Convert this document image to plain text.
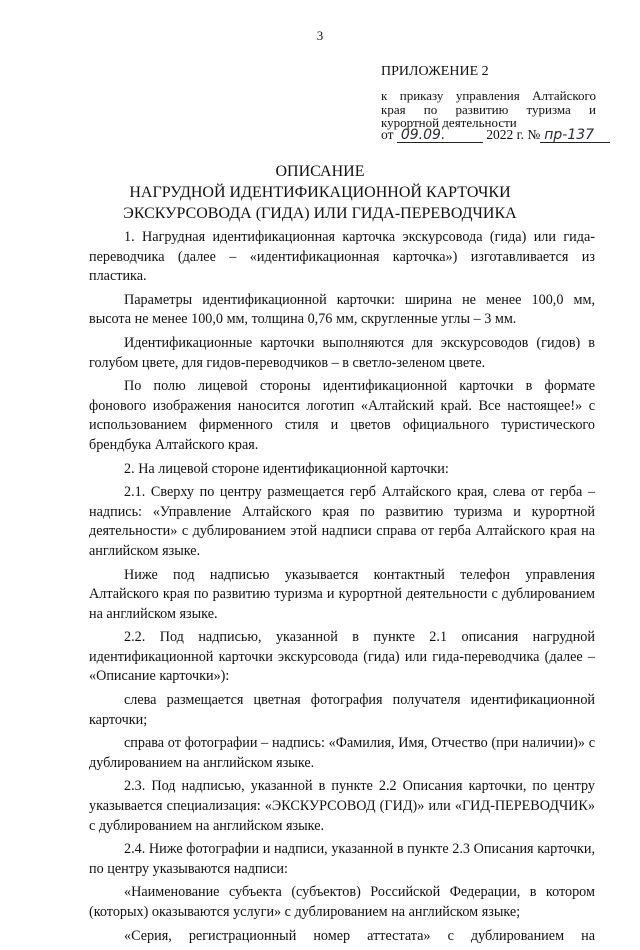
3
ПРИЛОЖЕНИЕ 2
к приказу управления Алтайского
края по развитию туризма и
курортной деятельности
от 09.09.	2022 г. № пр-137
ОПИСАНИЕ
НАГРУДНОЙ ИДЕНТИФИКАЦИОННОЙ КАРТОЧКИ
ЭКСКУРСОВОДА (ГИДА) ИЛИ ГИДА-ПЕРЕВОДЧИКА

1. Нагрудная идентификационная карточка экскурсовода (гида) или гида-переводчика (далее – «идентификационная карточка») изготавливается из пластика.

Параметры идентификационной карточки: ширина не менее 100,0 мм, высота не менее 100,0 мм, толщина 0,76 мм, скругленные углы – 3 мм.

Идентификационные карточки выполняются для экскурсоводов (гидов) в голубом цвете, для гидов-переводчиков – в светло-зеленом цвете.

По полю лицевой стороны идентификационной карточки в формате фонового изображения наносится логотип «Алтайский край. Все настоящее!» с использованием фирменного стиля и цветов официального туристического брендбука Алтайского края.

2. На лицевой стороне идентификационной карточки:

2.1. Сверху по центру размещается герб Алтайского края, слева от герба – надпись: «Управление Алтайского края по развитию туризма и курортной деятельности» с дублированием этой надписи справа от герба Алтайского края на английском языке.

Ниже под надписью указывается контактный телефон управления Алтайского края по развитию туризма и курортной деятельности с дублированием на английском языке.

2.2. Под надписью, указанной в пункте 2.1 описания нагрудной идентификационной карточки экскурсовода (гида) или гида-переводчика (далее – «Описание карточки»):

слева размещается цветная фотография получателя идентификационной карточки;

справа от фотографии – надпись: «Фамилия, Имя, Отчество (при наличии)» с дублированием на английском языке.

2.3. Под надписью, указанной в пункте 2.2 Описания карточки, по центру указывается специализация: «ЭКСКУРСОВОД (ГИД)» или «ГИД-ПЕРЕВОДЧИК» с дублированием на английском языке.

2.4. Ниже фотографии и надписи, указанной в пункте 2.3 Описания карточки, по центру указываются надписи:

«Наименование субъекта (субъектов) Российской Федерации, в котором (которых) оказываются услуги» с дублированием на английском языке;

«Серия, регистрационный номер аттестата» с дублированием на
